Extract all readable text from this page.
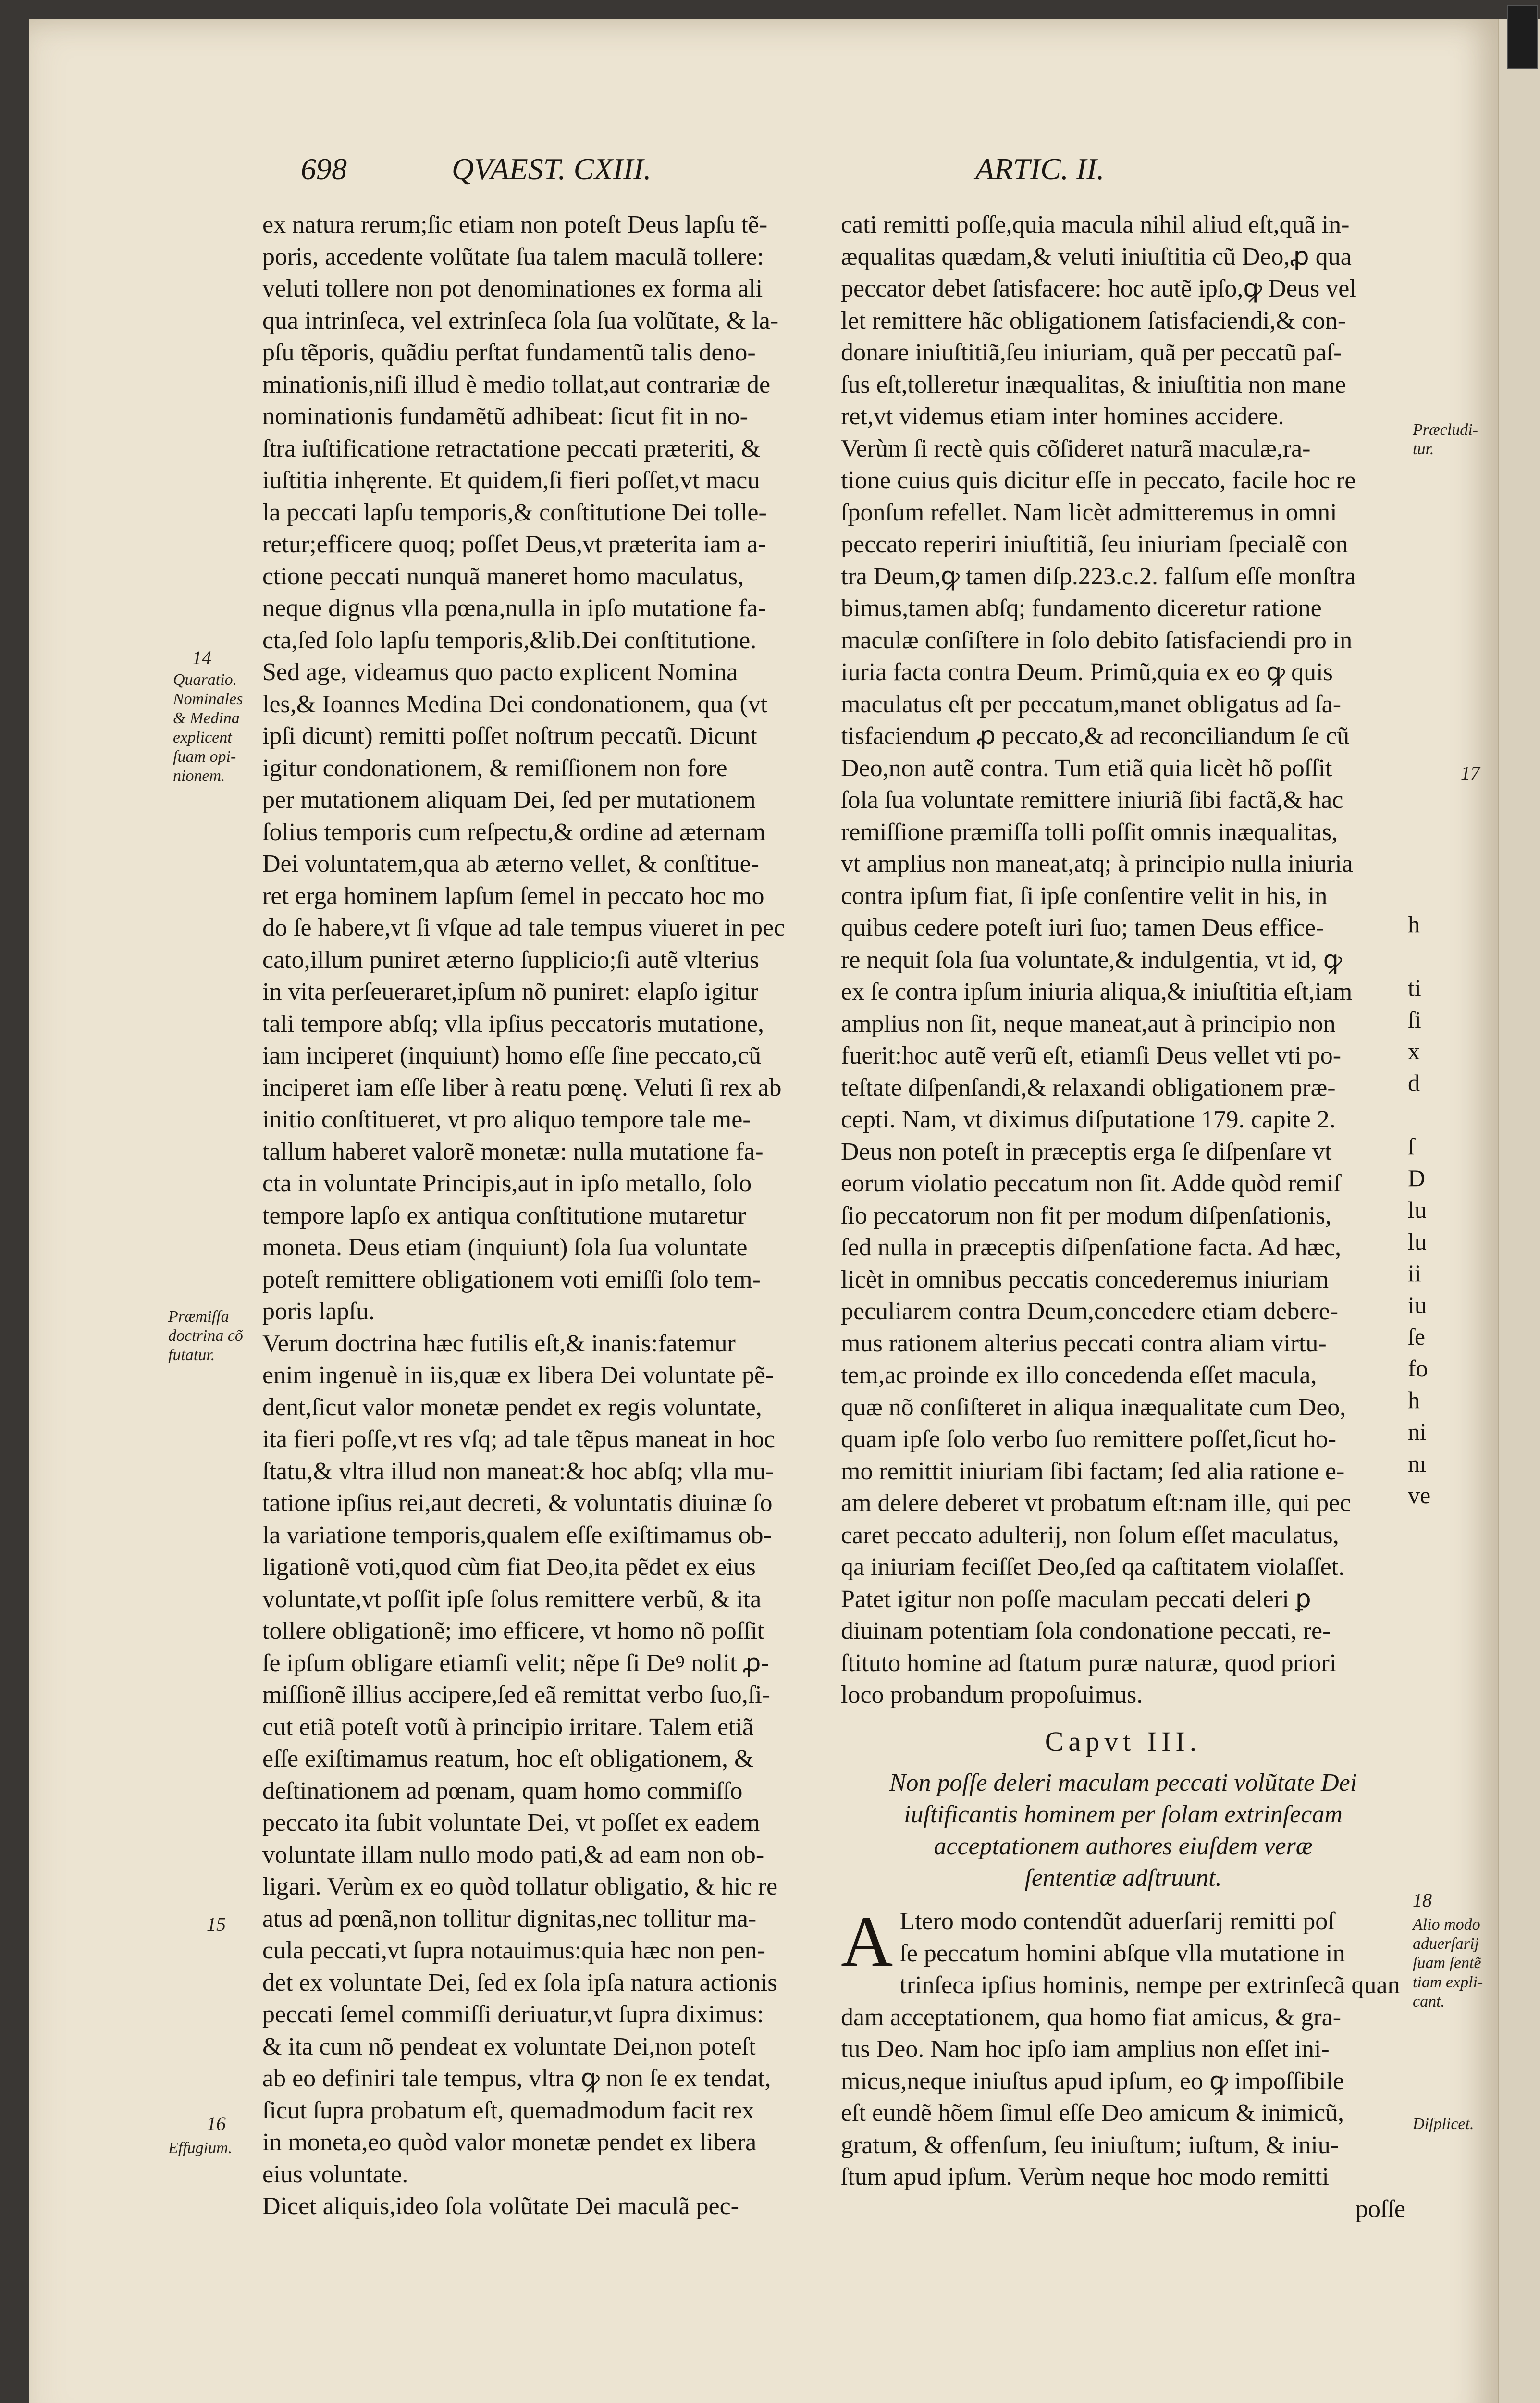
698	QVAEST. CXIII.	ARTIC. II.
ex natura rerum;ſic etiam non poteſt Deus lapſu tẽ-
poris, accedente volũtate ſua talem maculã tollere:
veluti tollere non pot denominationes ex forma ali
qua intrinſeca, vel extrinſeca ſola ſua volũtate, & la-
pſu tẽporis, quãdiu perſtat fundamentũ talis deno-
minationis,niſi illud è medio tollat,aut contrariæ de
nominationis fundamẽtũ adhibeat: ſicut fit in no-
ſtra iuſtificatione retractatione peccati præteriti, &
iuſtitia inhęrente. Et quidem,ſi fieri poſſet,vt macu
la peccati lapſu temporis,& conſtitutione Dei tolle-
retur;efficere quoq; poſſet Deus,vt præterita iam a-
ctione peccati nunquã maneret homo maculatus,
neque dignus vlla pœna,nulla in ipſo mutatione fa-
cta,ſed ſolo lapſu temporis,&lib.Dei conſtitutione.
Sed age, videamus quo pacto explicent Nomina
les,& Ioannes Medina Dei condonationem, qua (vt
ipſi dicunt) remitti poſſet noſtrum peccatũ. Dicunt
igitur condonationem, & remiſſionem non fore
per mutationem aliquam Dei, ſed per mutationem
ſolius temporis cum reſpectu,& ordine ad æternam
Dei voluntatem,qua ab æterno vellet, & conſtitue-
ret erga hominem lapſum ſemel in peccato hoc mo
do ſe habere,vt ſi vſque ad tale tempus viueret in pec
cato,illum puniret æterno ſupplicio;ſi autẽ vlterius
in vita perſeueraret,ipſum nõ puniret: elapſo igitur
tali tempore abſq; vlla ipſius peccatoris mutatione,
iam inciperet (inquiunt) homo eſſe ſine peccato,cũ
inciperet iam eſſe liber à reatu pœnę. Veluti ſi rex ab
initio conſtitueret, vt pro aliquo tempore tale me-
tallum haberet valorẽ monetæ: nulla mutatione fa-
cta in voluntate Principis,aut in ipſo metallo, ſolo
tempore lapſo ex antiqua conſtitutione mutaretur
moneta. Deus etiam (inquiunt) ſola ſua voluntate
poteſt remittere obligationem voti emiſſi ſolo tem-
poris lapſu.
Verum doctrina hæc futilis eſt,& inanis:fatemur
enim ingenuè in iis,quæ ex libera Dei voluntate pẽ-
dent,ſicut valor monetæ pendet ex regis voluntate,
ita fieri poſſe,vt res vſq; ad tale tẽpus maneat in hoc
ſtatu,& vltra illud non maneat:& hoc abſq; vlla mu-
tatione ipſius rei,aut decreti, & voluntatis diuinæ ſo
la variatione temporis,qualem eſſe exiſtimamus ob-
ligationẽ voti,quod cùm fiat Deo,ita pẽdet ex eius
voluntate,vt poſſit ipſe ſolus remittere verbũ, & ita
tollere obligationẽ; imo efficere, vt homo nõ poſſit
ſe ipſum obligare etiamſi velit; nẽpe ſi Deꝰ nolit ꝓ-
miſſionẽ illius accipere,ſed eã remittat verbo ſuo,ſi-
cut etiã poteſt votũ à principio irritare. Talem etiã
eſſe exiſtimamus reatum, hoc eſt obligationem, &
deſtinationem ad pœnam, quam homo commiſſo
peccato ita ſubit voluntate Dei, vt poſſet ex eadem
voluntate illam nullo modo pati,& ad eam non ob-
ligari. Verùm ex eo quòd tollatur obligatio, & hic re
atus ad pœnã,non tollitur dignitas,nec tollitur ma-
cula peccati,vt ſupra notauimus:quia hæc non pen-
det ex voluntate Dei, ſed ex ſola ipſa natura actionis
peccati ſemel commiſſi deriuatur,vt ſupra diximus:
& ita cum nõ pendeat ex voluntate Dei,non poteſt
ab eo definiri tale tempus, vltra ꝙ non ſe ex tendat,
ſicut ſupra probatum eſt, quemadmodum facit rex
in moneta,eo quòd valor monetæ pendet ex libera
eius voluntate.
Dicet aliquis,ideo ſola volũtate Dei maculã pec-
cati remitti poſſe,quia macula nihil aliud eſt,quã in-
æqualitas quædam,& veluti iniuſtitia cũ Deo,ꝓ qua
peccator debet ſatisfacere: hoc autẽ ipſo,ꝙ Deus vel
let remittere hãc obligationem ſatisfaciendi,& con-
donare iniuſtitiã,ſeu iniuriam, quã per peccatũ paſ-
ſus eſt,tolleretur inæqualitas, & iniuſtitia non mane
ret,vt videmus etiam inter homines accidere.
Verùm ſi rectè quis cõſideret naturã maculæ,ra-
tione cuius quis dicitur eſſe in peccato, facile hoc re
ſponſum refellet. Nam licèt admitteremus in omni
peccato reperiri iniuſtitiã, ſeu iniuriam ſpecialẽ con
tra Deum,ꝙ tamen diſp.223.c.2. falſum eſſe monſtra
bimus,tamen abſq; fundamento diceretur ratione
maculæ conſiſtere in ſolo debito ſatisfaciendi pro in
iuria facta contra Deum. Primũ,quia ex eo ꝙ quis
maculatus eſt per peccatum,manet obligatus ad ſa-
tisfaciendum ꝓ peccato,& ad reconciliandum ſe cũ
Deo,non autẽ contra. Tum etiã quia licèt hõ poſſit
ſola ſua voluntate remittere iniuriã ſibi factã,& hac
remiſſione præmiſſa tolli poſſit omnis inæqualitas,
vt amplius non maneat,atq; à principio nulla iniuria
contra ipſum fiat, ſi ipſe conſentire velit in his, in
quibus cedere poteſt iuri ſuo; tamen Deus effice-
re nequit ſola ſua voluntate,& indulgentia, vt id, ꝙ
ex ſe contra ipſum iniuria aliqua,& iniuſtitia eſt,iam
amplius non ſit, neque maneat,aut à principio non
fuerit:hoc autẽ verũ eſt, etiamſi Deus vellet vti po-
teſtate diſpenſandi,& relaxandi obligationem præ-
cepti. Nam, vt diximus diſputatione 179. capite 2.
Deus non poteſt in præceptis erga ſe diſpenſare vt
eorum violatio peccatum non ſit. Adde quòd remiſ
ſio peccatorum non fit per modum diſpenſationis,
ſed nulla in præceptis diſpenſatione facta. Ad hæc,
licèt in omnibus peccatis concederemus iniuriam
peculiarem contra Deum,concedere etiam debere-
mus rationem alterius peccati contra aliam virtu-
tem,ac proinde ex illo concedenda eſſet macula,
quæ nõ conſiſteret in aliqua inæqualitate cum Deo,
quam ipſe ſolo verbo ſuo remittere poſſet,ſicut ho-
mo remittit iniuriam ſibi factam; ſed alia ratione e-
am delere deberet vt probatum eſt:nam ille, qui pec
caret peccato adulterij, non ſolum eſſet maculatus,
qa iniuriam feciſſet Deo,ſed qa caſtitatem violaſſet.
Patet igitur non poſſe maculam peccati deleri ꝑ
diuinam potentiam ſola condonatione peccati, re-
ſtituto homine ad ſtatum puræ naturæ, quod priori
loco probandum propoſuimus.
Capvt III.
Non poſſe deleri maculam peccati volũtate Dei
iuſtificantis hominem per ſolam extrinſecam
acceptationem authores eiuſdem veræ
ſententiæ adſtruunt.
A Ltero modo contendũt aduerſarij remitti poſ
ſe peccatum homini abſque vlla mutatione in
trinſeca ipſius hominis, nempe per extrinſecã quan
dam acceptationem, qua homo fiat amicus, & gra-
tus Deo. Nam hoc ipſo iam amplius non eſſet ini-
micus,neque iniuſtus apud ipſum, eo ꝙ impoſſibile
eſt eundẽ hõem ſimul eſſe Deo amicum & inimicũ,
gratum, & offenſum, ſeu iniuſtum; iuſtum, & iniu-
ſtum apud ipſum. Verùm neque hoc modo remitti
poſſe
14
Quaratio.
Nominales
& Medina
explicent
ſuam opi-
nionem.
Præmiſſa
doctrina cõ
futatur.
15
16
Effugium.
Præcludi-
tur.
17
18
Alio modo
aduerſarij
ſuam ſentẽ
tiam expli-
cant.
Diſplicet.
h
ti
ſi
x
d
ſ
D
lu
lu
ii
iu
ſe
fo
h
ni
nı
ve
